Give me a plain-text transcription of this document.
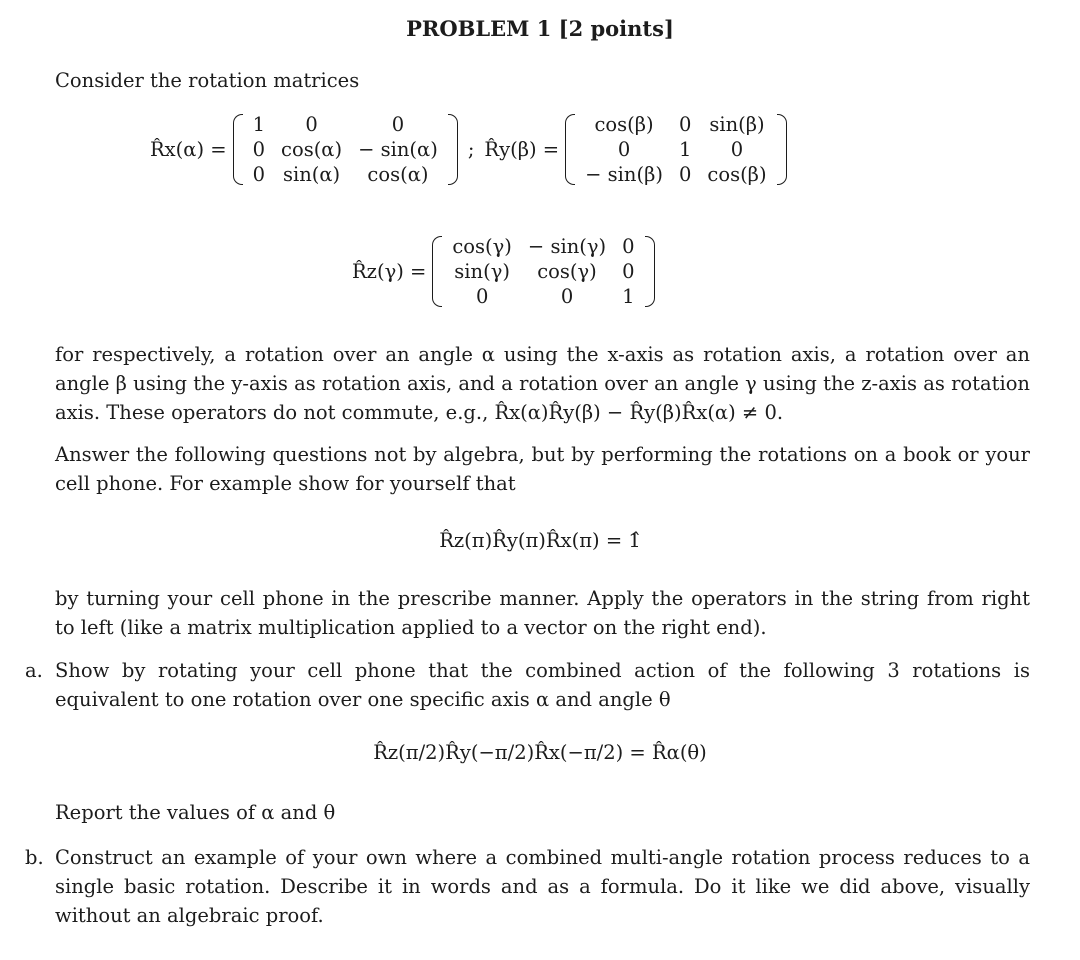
PROBLEM 1 [2 points]
Consider the rotation matrices
R̂x(α) =
1	0	0
0	cos(α)	− sin(α)
0	sin(α)	cos(α)
; R̂y(β) =
cos(β)	0	sin(β)
0	1	0
− sin(β)	0	cos(β)
R̂z(γ) =
cos(γ)	− sin(γ)	0
sin(γ)	cos(γ)	0
0	0	1
for respectively, a rotation over an angle α using the x-axis as rotation axis, a rotation over an angle β using the y-axis as rotation axis, and a rotation over an angle γ using the z-axis as rotation axis. These operators do not commute, e.g., R̂x(α)R̂y(β) − R̂y(β)R̂x(α) ≠ 0.
Answer the following questions not by algebra, but by performing the rotations on a book or your cell phone. For example show for yourself that
R̂z(π)R̂y(π)R̂x(π) = 1̂
by turning your cell phone in the prescribe manner. Apply the operators in the string from right to left (like a matrix multiplication applied to a vector on the right end).
a. Show by rotating your cell phone that the combined action of the following 3 rotations is equivalent to one rotation over one specific axis α and angle θ
R̂z(π/2)R̂y(−π/2)R̂x(−π/2) = R̂α(θ)
Report the values of α and θ
b. Construct an example of your own where a combined multi-angle rotation process reduces to a single basic rotation. Describe it in words and as a formula. Do it like we did above, visually without an algebraic proof.
